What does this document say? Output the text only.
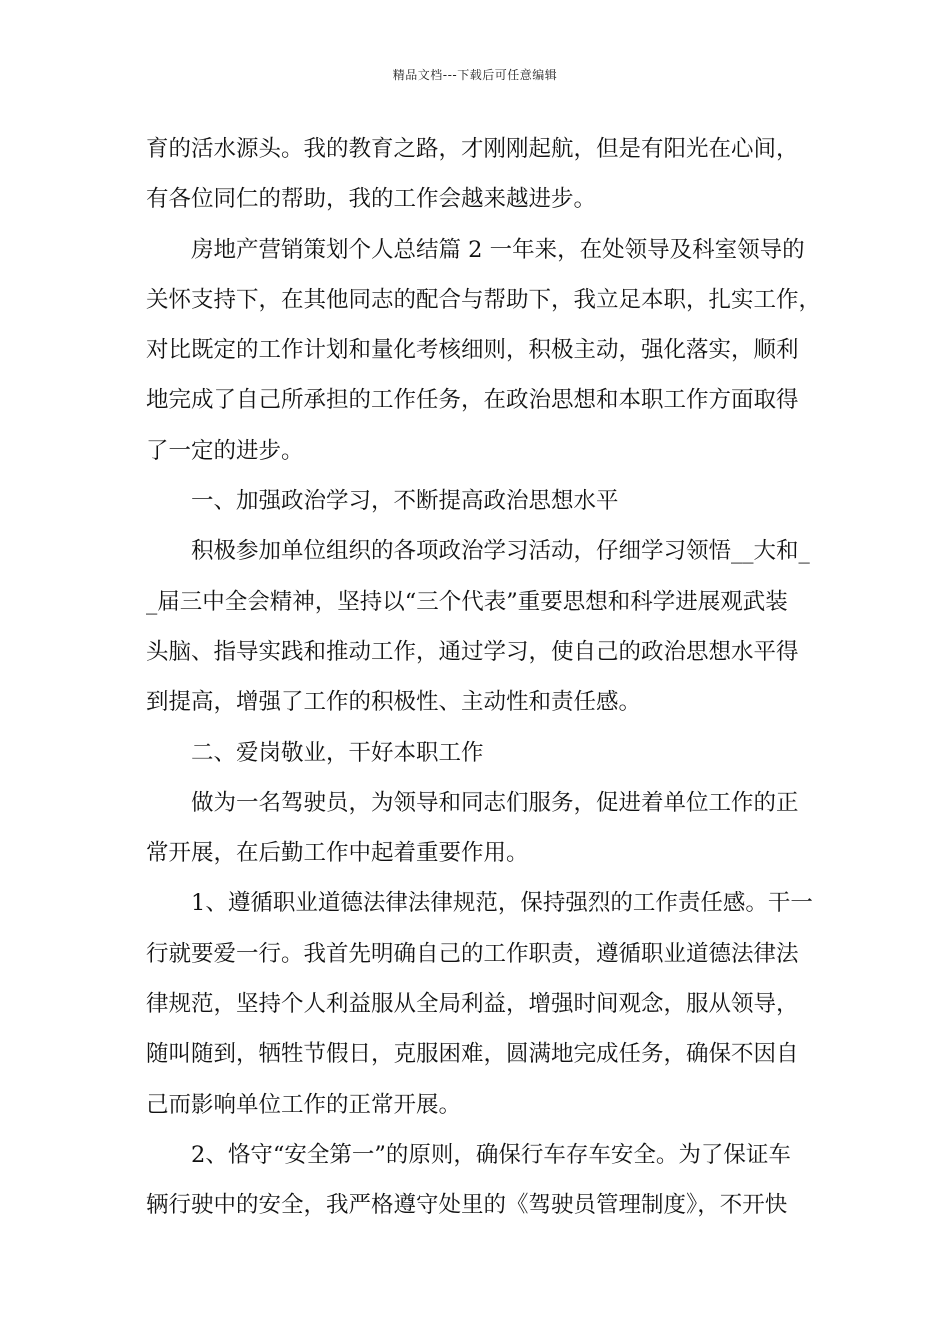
精品文档---下载后可任意编辑
育的活水源头。我的教育之路，才刚刚起航，但是有阳光在心间，
有各位同仁的帮助，我的工作会越来越进步。
房地产营销策划个人总结篇 2 一年来，在处领导及科室领导的
关怀支持下，在其他同志的配合与帮助下，我立足本职，扎实工作，
对比既定的工作计划和量化考核细则，积极主动，强化落实，顺利
地完成了自己所承担的工作任务，在政治思想和本职工作方面取得
了一定的进步。
一、加强政治学习，不断提高政治思想水平
积极参加单位组织的各项政治学习活动，仔细学习领悟__大和_
_届三中全会精神，坚持以“三个代表”重要思想和科学进展观武装
头脑、指导实践和推动工作，通过学习，使自己的政治思想水平得
到提高，增强了工作的积极性、主动性和责任感。
二、爱岗敬业，干好本职工作
做为一名驾驶员，为领导和同志们服务，促进着单位工作的正
常开展，在后勤工作中起着重要作用。
1、遵循职业道德法律法律规范，保持强烈的工作责任感。干一
行就要爱一行。我首先明确自己的工作职责，遵循职业道德法律法
律规范，坚持个人利益服从全局利益，增强时间观念，服从领导，
随叫随到，牺牲节假日，克服困难，圆满地完成任务，确保不因自
己而影响单位工作的正常开展。
2、恪守“安全第一”的原则，确保行车存车安全。为了保证车
辆行驶中的安全，我严格遵守处里的《驾驶员管理制度》，不开快
